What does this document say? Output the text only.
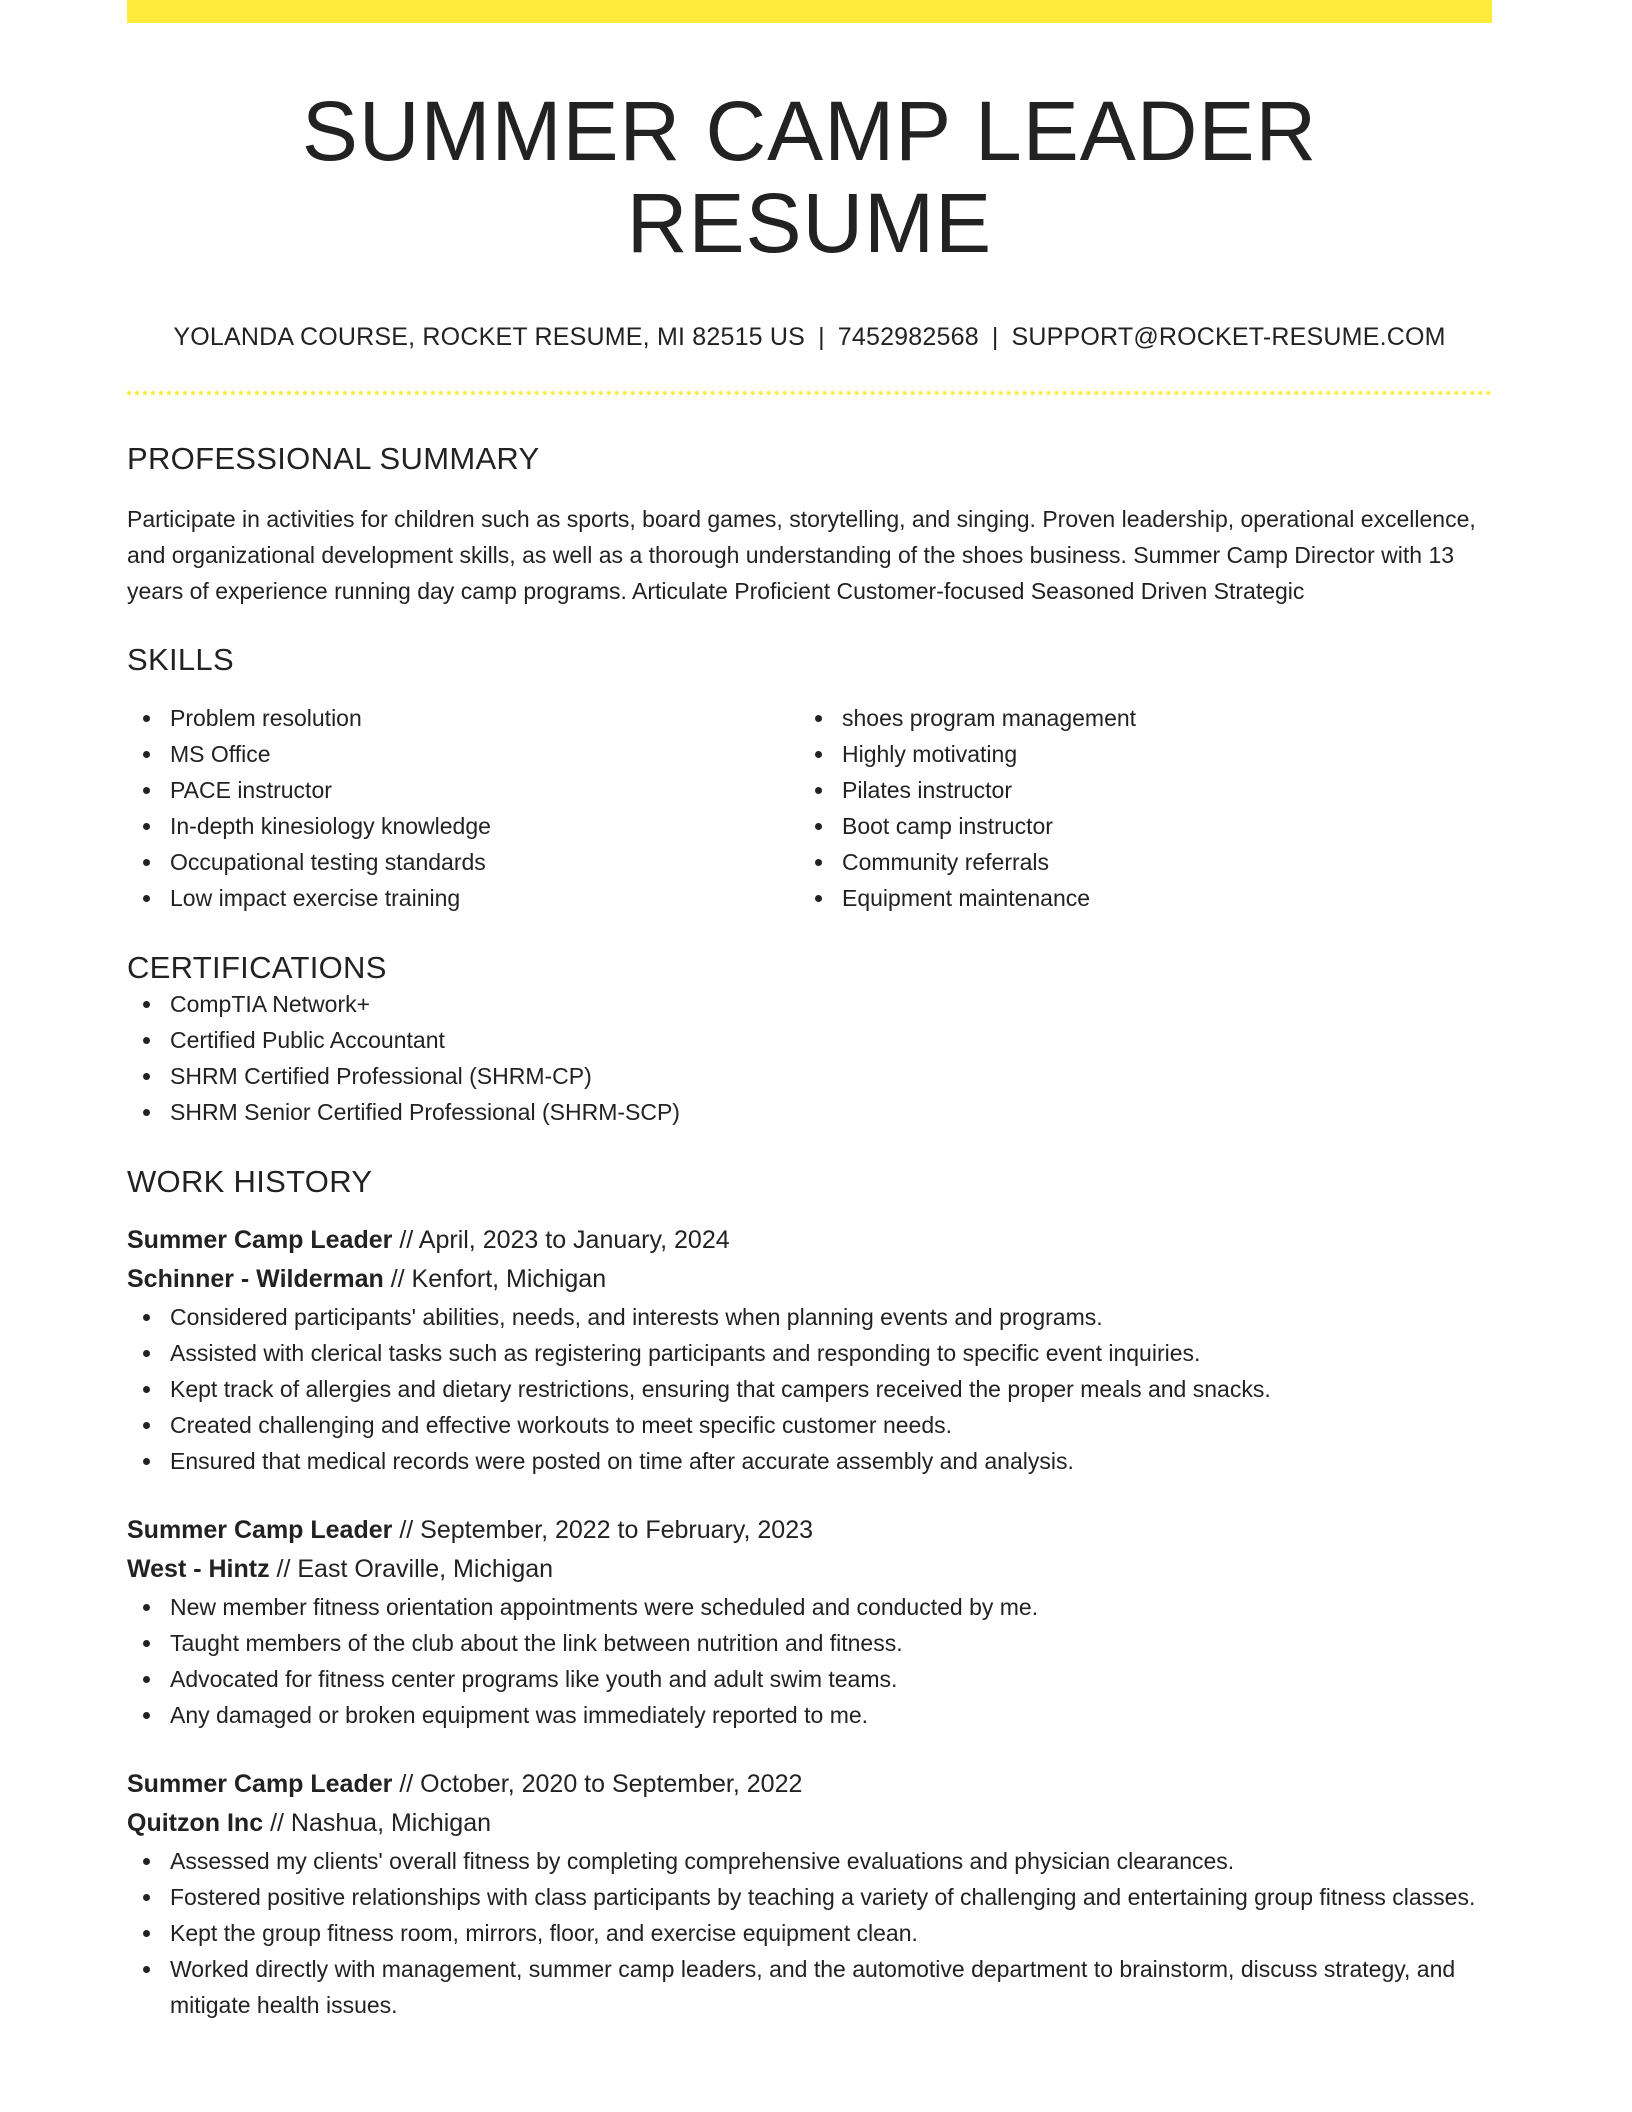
SUMMER CAMP LEADER RESUME
YOLANDA COURSE, ROCKET RESUME, MI 82515 US | 7452982568 | SUPPORT@ROCKET-RESUME.COM
PROFESSIONAL SUMMARY

Participate in activities for children such as sports, board games, storytelling, and singing. Proven leadership, operational excellence, and organizational development skills, as well as a thorough understanding of the shoes business. Summer Camp Director with 13 years of experience running day camp programs. Articulate Proficient Customer-focused Seasoned Driven Strategic

SKILLS
Problem resolution
MS Office
PACE instructor
In-depth kinesiology knowledge
Occupational testing standards
Low impact exercise training
shoes program management
Highly motivating
Pilates instructor
Boot camp instructor
Community referrals
Equipment maintenance
CERTIFICATIONS
CompTIA Network+
Certified Public Accountant
SHRM Certified Professional (SHRM-CP)
SHRM Senior Certified Professional (SHRM-SCP)
WORK HISTORY
Summer Camp Leader // April, 2023 to January, 2024
Schinner - Wilderman // Kenfort, Michigan
Considered participants' abilities, needs, and interests when planning events and programs.
Assisted with clerical tasks such as registering participants and responding to specific event inquiries.
Kept track of allergies and dietary restrictions, ensuring that campers received the proper meals and snacks.
Created challenging and effective workouts to meet specific customer needs.
Ensured that medical records were posted on time after accurate assembly and analysis.
Summer Camp Leader // September, 2022 to February, 2023
West - Hintz // East Oraville, Michigan
New member fitness orientation appointments were scheduled and conducted by me.
Taught members of the club about the link between nutrition and fitness.
Advocated for fitness center programs like youth and adult swim teams.
Any damaged or broken equipment was immediately reported to me.
Summer Camp Leader // October, 2020 to September, 2022
Quitzon Inc // Nashua, Michigan
Assessed my clients' overall fitness by completing comprehensive evaluations and physician clearances.
Fostered positive relationships with class participants by teaching a variety of challenging and entertaining group fitness classes.
Kept the group fitness room, mirrors, floor, and exercise equipment clean.
Worked directly with management, summer camp leaders, and the automotive department to brainstorm, discuss strategy, and mitigate health issues.
